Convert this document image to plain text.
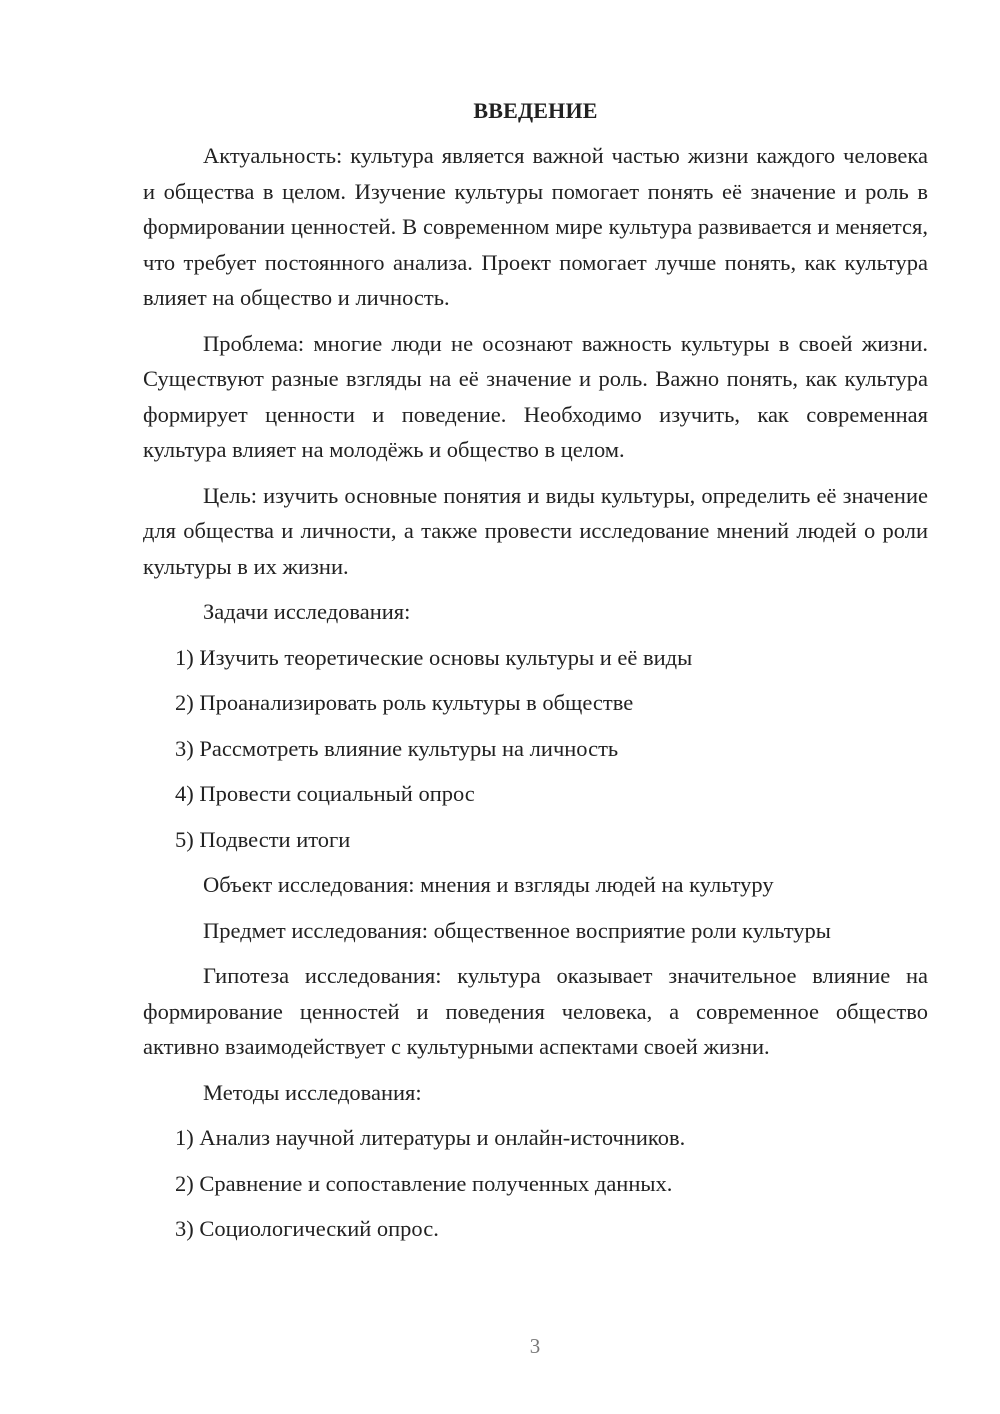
ВВЕДЕНИЕ

Актуальность: культура является важной частью жизни каждого человека и общества в целом. Изучение культуры помогает понять её значение и роль в формировании ценностей. В современном мире культура развивается и меняется, что требует постоянного анализа. Проект помогает лучше понять, как культура влияет на общество и личность.

Проблема: многие люди не осознают важность культуры в своей жизни. Существуют разные взгляды на её значение и роль. Важно понять, как культура формирует ценности и поведение. Необходимо изучить, как современная культура влияет на молодёжь и общество в целом.

Цель: изучить основные понятия и виды культуры, определить её значение для общества и личности, а также провести исследование мнений людей о роли культуры в их жизни.

Задачи исследования:

1) Изучить теоретические основы культуры и её виды

2) Проанализировать роль культуры в обществе

3) Рассмотреть влияние культуры на личность

4) Провести социальный опрос

5) Подвести итоги

Объект исследования: мнения и взгляды людей на культуру

Предмет исследования: общественное восприятие роли культуры

Гипотеза исследования: культура оказывает значительное влияние на формирование ценностей и поведения человека, а современное общество активно взаимодействует с культурными аспектами своей жизни.

Методы исследования:

1) Анализ научной литературы и онлайн-источников.

2) Сравнение и сопоставление полученных данных.

3) Социологический опрос.

3
